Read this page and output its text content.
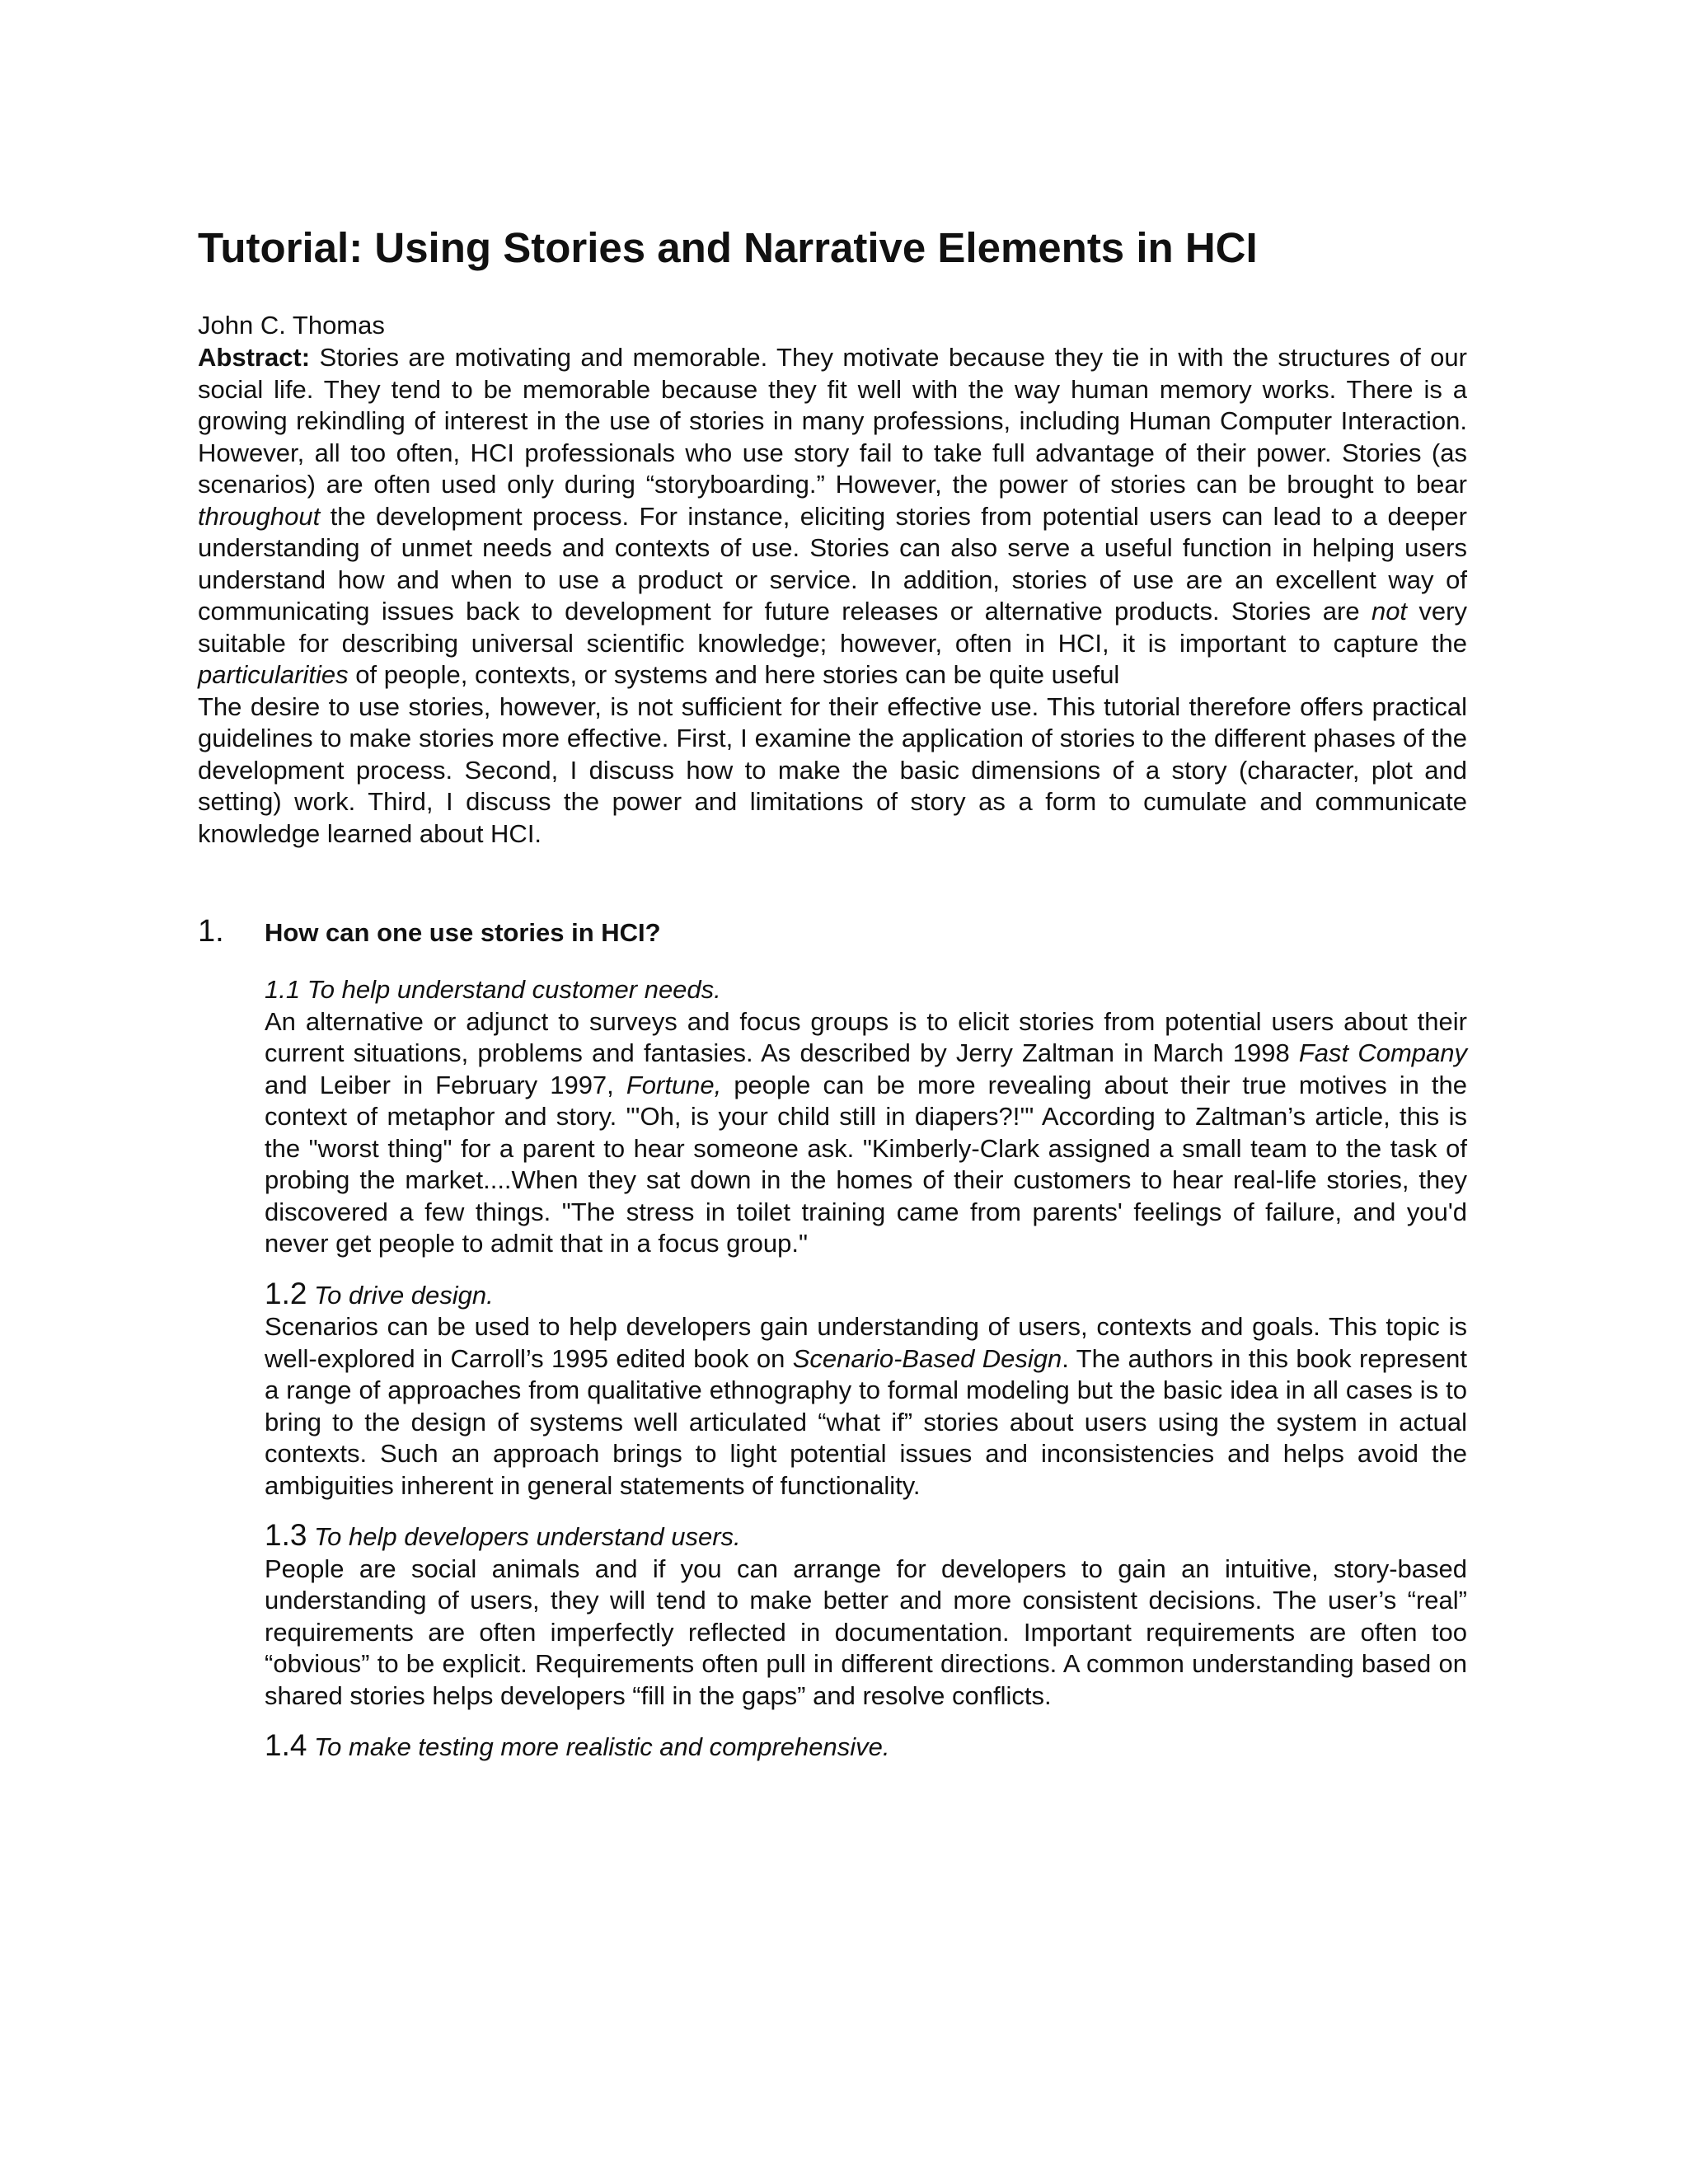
Tutorial: Using Stories and Narrative Elements in HCI
John C. Thomas

Abstract: Stories are motivating and memorable. They motivate because they tie in with the structures of our social life. They tend to be memorable because they fit well with the way human memory works. There is a growing rekindling of interest in the use of stories in many professions, including Human Computer Interaction. However, all too often, HCI professionals who use story fail to take full advantage of their power. Stories (as scenarios) are often used only during “storyboarding.” However, the power of stories can be brought to bear throughout the development process. For instance, eliciting stories from potential users can lead to a deeper understanding of unmet needs and contexts of use. Stories can also serve a useful function in helping users understand how and when to use a product or service. In addition, stories of use are an excellent way of communicating issues back to development for future releases or alternative products. Stories are not very suitable for describing universal scientific knowledge; however, often in HCI, it is important to capture the particularities of people, contexts, or systems and here stories can be quite useful

The desire to use stories, however, is not sufficient for their effective use. This tutorial therefore offers practical guidelines to make stories more effective. First, I examine the application of stories to the different phases of the development process. Second, I discuss how to make the basic dimensions of a story (character, plot and setting) work. Third, I discuss the power and limitations of story as a form to cumulate and communicate knowledge learned about HCI.

1.	How can one use stories in HCI?
1.1 To help understand customer needs.

An alternative or adjunct to surveys and focus groups is to elicit stories from potential users about their current situations, problems and fantasies. As described by Jerry Zaltman in March 1998 Fast Company and Leiber in February 1997, Fortune, people can be more revealing about their true motives in the context of metaphor and story. "'Oh, is your child still in diapers?!'" According to Zaltman’s article, this is the "worst thing" for a parent to hear someone ask. "Kimberly-Clark assigned a small team to the task of probing the market....When they sat down in the homes of their customers to hear real-life stories, they discovered a few things. "The stress in toilet training came from parents' feelings of failure, and you'd never get people to admit that in a focus group."

1.2 To drive design.

Scenarios can be used to help developers gain understanding of users, contexts and goals. This topic is well-explored in Carroll’s 1995 edited book on Scenario-Based Design. The authors in this book represent a range of approaches from qualitative ethnography to formal modeling but the basic idea in all cases is to bring to the design of systems well articulated “what if” stories about users using the system in actual contexts. Such an approach brings to light potential issues and inconsistencies and helps avoid the ambiguities inherent in general statements of functionality.

1.3 To help developers understand users.

People are social animals and if you can arrange for developers to gain an intuitive, story-based understanding of users, they will tend to make better and more consistent decisions. The user’s “real” requirements are often imperfectly reflected in documentation. Important requirements are often too “obvious” to be explicit. Requirements often pull in different directions. A common understanding based on shared stories helps developers “fill in the gaps” and resolve conflicts.

1.4 To make testing more realistic and comprehensive.
